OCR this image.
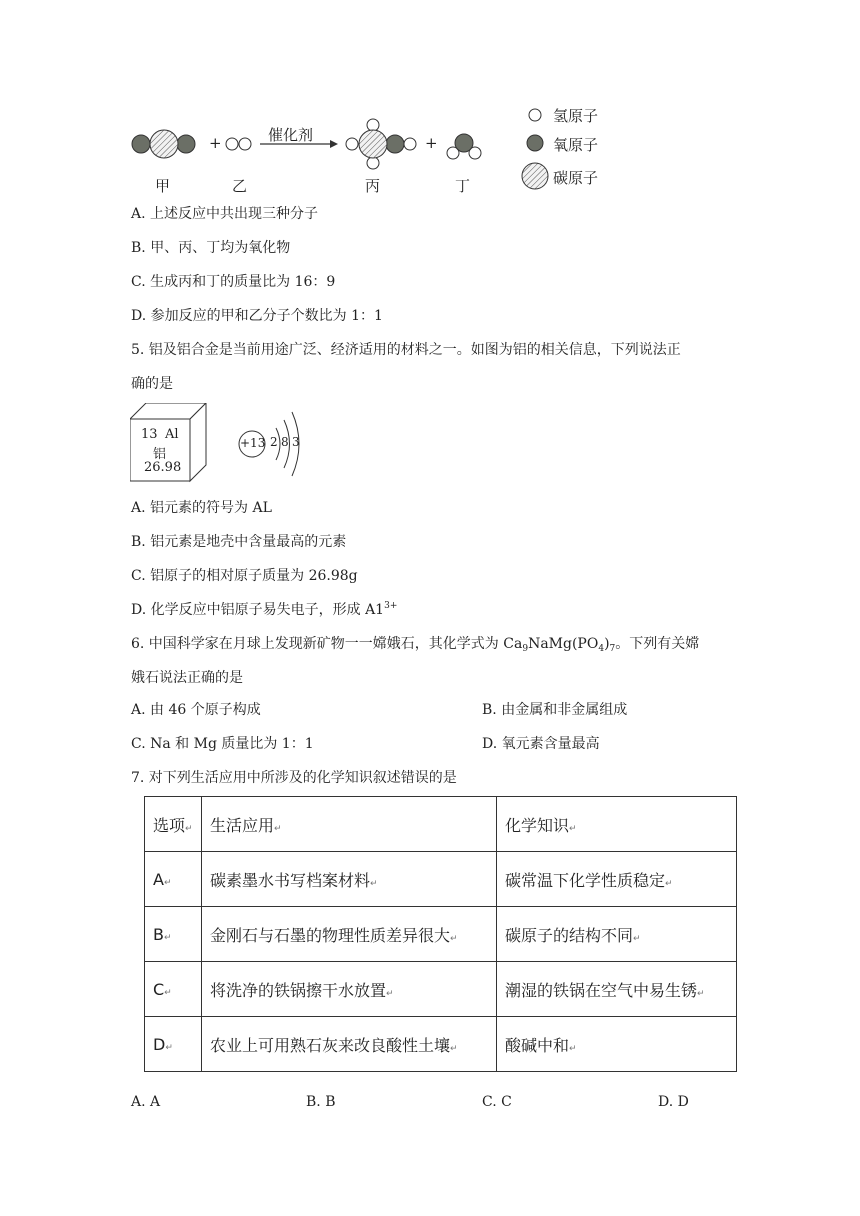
催化剂
+	+
甲	乙	丙	丁
氢原子
氧原子
碳原子
A. 上述反应中共出现三种分子
B. 甲、丙、丁均为氧化物
C. 生成丙和丁的质量比为 16：9
D. 参加反应的甲和乙分子个数比为 1：1
5. 铝及铝合金是当前用途广泛、经济适用的材料之一。如图为铝的相关信息，下列说法正
确的是
13 Al
铝
26.98
+13 2 8 3
A. 铝元素的符号为 AL
B. 铝元素是地壳中含量最高的元素
C. 铝原子的相对原子质量为 26.98g
D. 化学反应中铝原子易失电子，形成 $A1^{3+}$
6. 中国科学家在月球上发现新矿物一一嫦娥石，其化学式为 $Ca_9NaMg(PO_4)_7$。下列有关嫦
娥石说法正确的是
A. 由 46 个原子构成	B. 由金属和非金属组成
C. Na 和 Mg 质量比为 1：1	D. 氧元素含量最高
7. 对下列生活应用中所涉及的化学知识叙述错误的是
选项↵	生活应用↵	化学知识↵
A↵	碳素墨水书写档案材料↵	碳常温下化学性质稳定↵
B↵	金刚石与石墨的物理性质差异很大↵	碳原子的结构不同↵
C↵	将洗净的铁锅擦干水放置↵	潮湿的铁锅在空气中易生锈↵
D↵	农业上可用熟石灰来改良酸性土壤↵	酸碱中和↵
A. A	B. B	C. C	D. D
